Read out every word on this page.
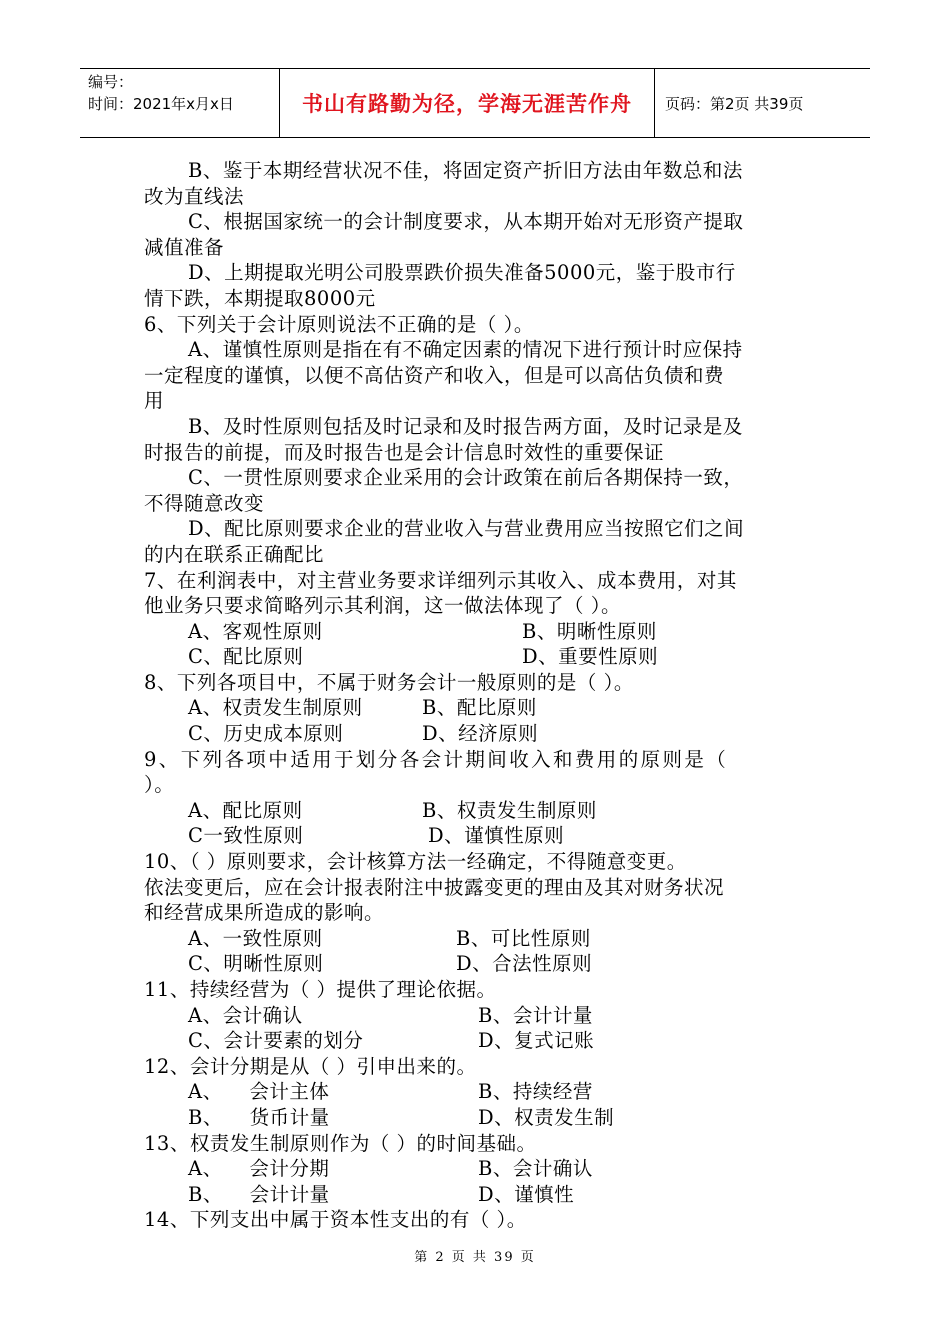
编号：
时间：2021年x月x日	书山有路勤为径，学海无涯苦作舟	页码：第2页 共39页

B、鉴于本期经营状况不佳，将固定资产折旧方法由年数总和法

改为直线法

C、根据国家统一的会计制度要求，从本期开始对无形资产提取

减值准备

D、上期提取光明公司股票跌价损失准备5000元，鉴于股市行

情下跌，本期提取8000元

6、下列关于会计原则说法不正确的是（ ）。

A、谨慎性原则是指在有不确定因素的情况下进行预计时应保持

一定程度的谨慎，以便不高估资产和收入，但是可以高估负债和费

用

B、及时性原则包括及时记录和及时报告两方面，及时记录是及

时报告的前提，而及时报告也是会计信息时效性的重要保证

C、一贯性原则要求企业采用的会计政策在前后各期保持一致，

不得随意改变

D、配比原则要求企业的营业收入与营业费用应当按照它们之间

的内在联系正确配比

7、在利润表中，对主营业务要求详细列示其收入、成本费用，对其

他业务只要求简略列示其利润，这一做法体现了（ ）。

A、客观性原则	B、明晰性原则
C、配比原则	D、重要性原则

8、下列各项目中，不属于财务会计一般原则的是（ ）。

A、权责发生制原则	B、配比原则
C、历史成本原则	D、经济原则

9、下列各项中适用于划分各会计期间收入和费用的原则是（

）。

A、配比原则	B、权责发生制原则
C一致性原则	D、谨慎性原则

10、（ ）原则要求，会计核算方法一经确定，不得随意变更。

依法变更后，应在会计报表附注中披露变更的理由及其对财务状况

和经营成果所造成的影响。

A、一致性原则	B、可比性原则
C、明晰性原则	D、合法性原则

11、持续经营为（ ）提供了理论依据。

A、会计确认	B、会计计量
C、会计要素的划分	D、复式记账

12、会计分期是从（ ）引申出来的。

A、    会计主体	B、持续经营
B、    货币计量	D、权责发生制

13、权责发生制原则作为（ ）的时间基础。

A、    会计分期	B、会计确认
B、    会计计量	D、谨慎性

14、下列支出中属于资本性支出的有（ ）。

第 2 页 共 39 页
